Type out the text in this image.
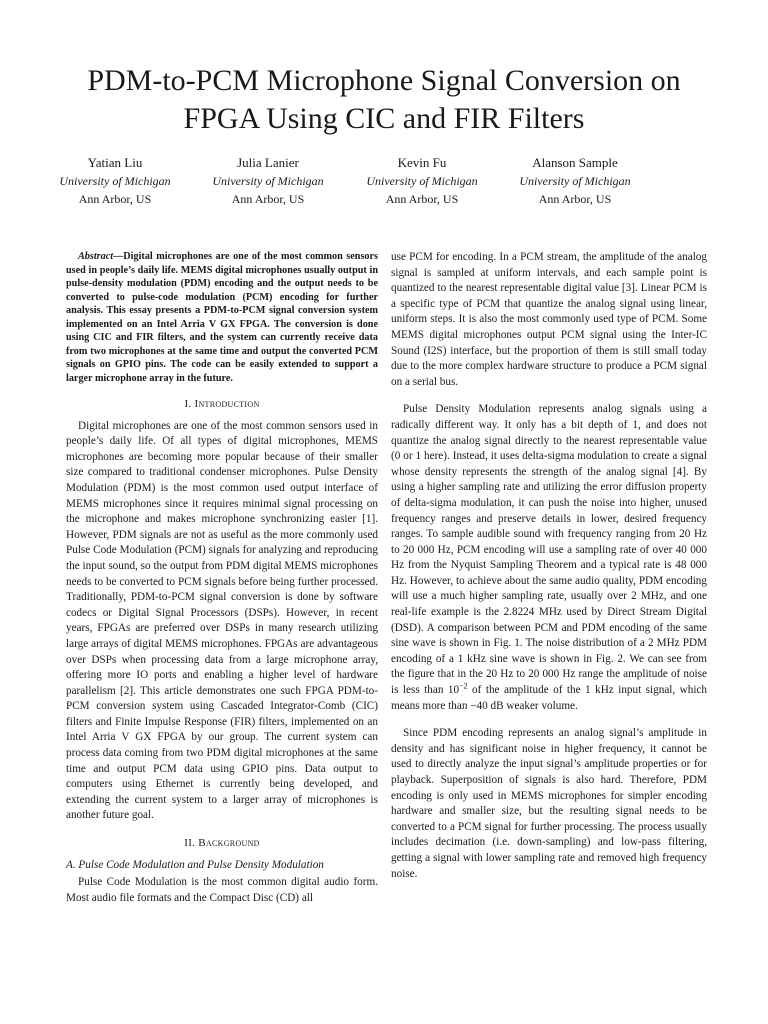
PDM-to-PCM Microphone Signal Conversion on
FPGA Using CIC and FIR Filters
Yatian Liu
University of Michigan
Ann Arbor, US
Julia Lanier
University of Michigan
Ann Arbor, US
Kevin Fu
University of Michigan
Ann Arbor, US
Alanson Sample
University of Michigan
Ann Arbor, US

Abstract—Digital microphones are one of the most common sensors used in people’s daily life. MEMS digital microphones usually output in pulse-density modulation (PDM) encoding and the output needs to be converted to pulse-code modulation (PCM) encoding for further analysis. This essay presents a PDM-to-PCM signal conversion system implemented on an Intel Arria V GX FPGA. The conversion is done using CIC and FIR filters, and the system can currently receive data from two microphones at the same time and output the converted PCM signals on GPIO pins. The code can be easily extended to support a larger microphone array in the future.

I. Introduction

Digital microphones are one of the most common sensors used in people’s daily life. Of all types of digital microphones, MEMS microphones are becoming more popular because of their smaller size compared to traditional condenser microphones. Pulse Density Modulation (PDM) is the most common used output interface of MEMS microphones since it requires minimal signal processing on the microphone and makes microphone synchronizing easier [1]. However, PDM signals are not as useful as the more commonly used Pulse Code Modulation (PCM) signals for analyzing and reproducing the input sound, so the output from PDM digital MEMS microphones needs to be converted to PCM signals before being further processed. Traditionally, PDM-to-PCM signal conversion is done by software codecs or Digital Signal Processors (DSPs). However, in recent years, FPGAs are preferred over DSPs in many research utilizing large arrays of digital MEMS microphones. FPGAs are advantageous over DSPs when processing data from a large microphone array, offering more IO ports and enabling a higher level of hardware parallelism [2]. This article demonstrates one such FPGA PDM-to-PCM conversion system using Cascaded Integrator-Comb (CIC) filters and Finite Impulse Response (FIR) filters, implemented on an Intel Arria V GX FPGA by our group. The current system can process data coming from two PDM digital microphones at the same time and output PCM data using GPIO pins. Data output to computers using Ethernet is currently being developed, and extending the current system to a larger array of microphones is another future goal.

II. Background
A. Pulse Code Modulation and Pulse Density Modulation

Pulse Code Modulation is the most common digital audio form. Most audio file formats and the Compact Disc (CD) all

use PCM for encoding. In a PCM stream, the amplitude of the analog signal is sampled at uniform intervals, and each sample point is quantized to the nearest representable digital value [3]. Linear PCM is a specific type of PCM that quantize the analog signal using linear, uniform steps. It is also the most commonly used type of PCM. Some MEMS digital microphones output PCM signal using the Inter-IC Sound (I2S) interface, but the proportion of them is still small today due to the more complex hardware structure to produce a PCM signal on a serial bus.

Pulse Density Modulation represents analog signals using a radically different way. It only has a bit depth of 1, and does not quantize the analog signal directly to the nearest representable value (0 or 1 here). Instead, it uses delta-sigma modulation to create a signal whose density represents the strength of the analog signal [4]. By using a higher sampling rate and utilizing the error diffusion property of delta-sigma modulation, it can push the noise into higher, unused frequency ranges and preserve details in lower, desired frequency ranges. To sample audible sound with frequency ranging from 20 Hz to 20 000 Hz, PCM encoding will use a sampling rate of over 40 000 Hz from the Nyquist Sampling Theorem and a typical rate is 48 000 Hz. However, to achieve about the same audio quality, PDM encoding will use a much higher sampling rate, usually over 2 MHz, and one real-life example is the 2.8224 MHz used by Direct Stream Digital (DSD). A comparison between PCM and PDM encoding of the same sine wave is shown in Fig. 1. The noise distribution of a 2 MHz PDM encoding of a 1 kHz sine wave is shown in Fig. 2. We can see from the figure that in the 20 Hz to 20 000 Hz range the amplitude of noise is less than $10^{-2}$ of the amplitude of the 1 kHz input signal, which means more than −40 dB weaker volume.

Since PDM encoding represents an analog signal’s amplitude in density and has significant noise in higher frequency, it cannot be used to directly analyze the input signal’s amplitude properties or for playback. Superposition of signals is also hard. Therefore, PDM encoding is only used in MEMS microphones for simpler encoding hardware and smaller size, but the resulting signal needs to be converted to a PCM signal for further processing. The process usually includes decimation (i.e. down-sampling) and low-pass filtering, getting a signal with lower sampling rate and removed high frequency noise.
